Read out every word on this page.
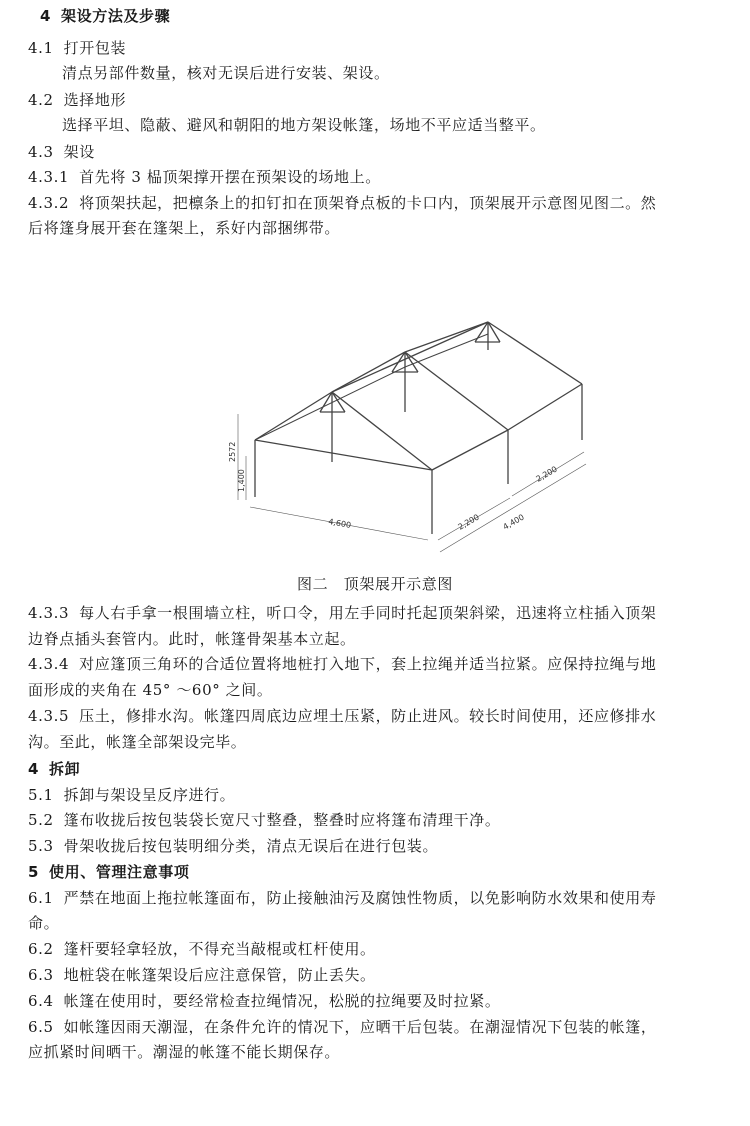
4 架设方法及步骤
4.1 打开包装
清点另部件数量，核对无误后进行安装、架设。
4.2 选择地形
选择平坦、隐蔽、避风和朝阳的地方架设帐篷，场地不平应适当整平。
4.3 架设
4.3.1 首先将 3 榀顶架撑开摆在预架设的场地上。
4.3.2 将顶架扶起，把檩条上的扣钉扣在顶架脊点板的卡口内，顶架展开示意图见图二。然
后将篷身展开套在篷架上，系好内部捆绑带。
2572
1,400
4,600	2,200	4,400
2,200
图二　顶架展开示意图
4.3.3 每人右手拿一根围墙立柱，听口令，用左手同时托起顶架斜梁，迅速将立柱插入顶架
边脊点插头套管内。此时，帐篷骨架基本立起。
4.3.4 对应篷顶三角环的合适位置将地桩打入地下，套上拉绳并适当拉紧。应保持拉绳与地
面形成的夹角在 45° ～60° 之间。
4.3.5 压土，修排水沟。帐篷四周底边应埋土压紧，防止进风。较长时间使用，还应修排水
沟。至此，帐篷全部架设完毕。
4 拆卸
5.1 拆卸与架设呈反序进行。
5.2 篷布收拢后按包装袋长宽尺寸整叠，整叠时应将篷布清理干净。
5.3 骨架收拢后按包装明细分类，清点无误后在进行包装。
5 使用、管理注意事项
6.1 严禁在地面上拖拉帐篷面布，防止接触油污及腐蚀性物质，以免影响防水效果和使用寿
命。
6.2 篷杆要轻拿轻放，不得充当敲棍或杠杆使用。
6.3 地桩袋在帐篷架设后应注意保管，防止丢失。
6.4 帐篷在使用时，要经常检查拉绳情况，松脱的拉绳要及时拉紧。
6.5 如帐篷因雨天潮湿，在条件允许的情况下，应晒干后包装。在潮湿情况下包装的帐篷，
应抓紧时间晒干。潮湿的帐篷不能长期保存。
